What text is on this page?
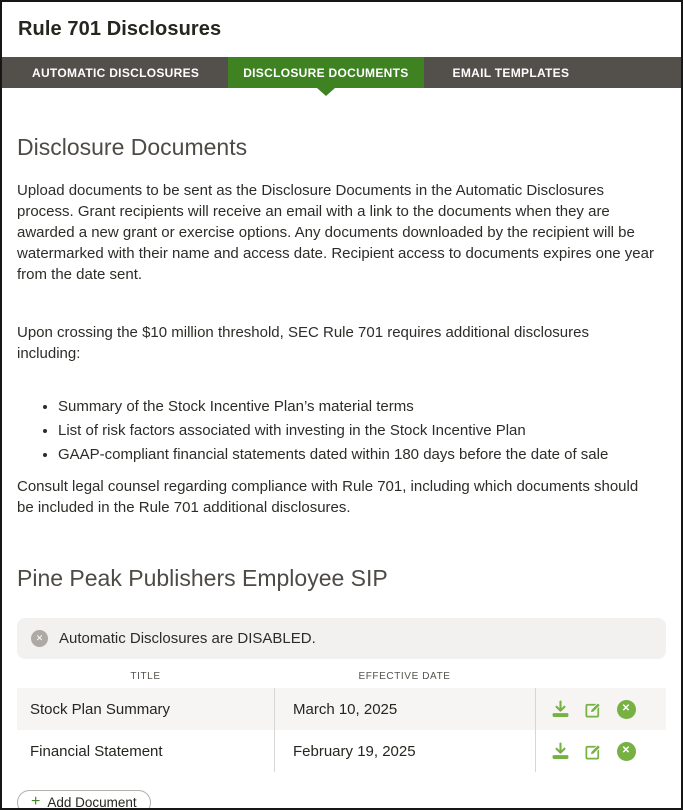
Rule 701 Disclosures
AUTOMATIC DISCLOSURES	DISCLOSURE DOCUMENTS	EMAIL TEMPLATES
Disclosure Documents

Upload documents to be sent as the Disclosure Documents in the Automatic Disclosures process. Grant recipients will receive an email with a link to the documents when they are awarded a new grant or exercise options. Any documents downloaded by the recipient will be watermarked with their name and access date. Recipient access to documents expires one year from the date sent.

Upon crossing the $10 million threshold, SEC Rule 701 requires additional disclosures including:

• Summary of the Stock Incentive Plan’s material terms
• List of risk factors associated with investing in the Stock Incentive Plan
• GAAP-compliant financial statements dated within 180 days before the date of sale

Consult legal counsel regarding compliance with Rule 701, including which documents should be included in the Rule 701 additional disclosures.

Pine Peak Publishers Employee SIP
✕	Automatic Disclosures are DISABLED.
TITLE	EFFECTIVE DATE
Stock Plan Summary	March 10, 2025	✕
Financial Statement	February 19, 2025	✕
+ Add Document
